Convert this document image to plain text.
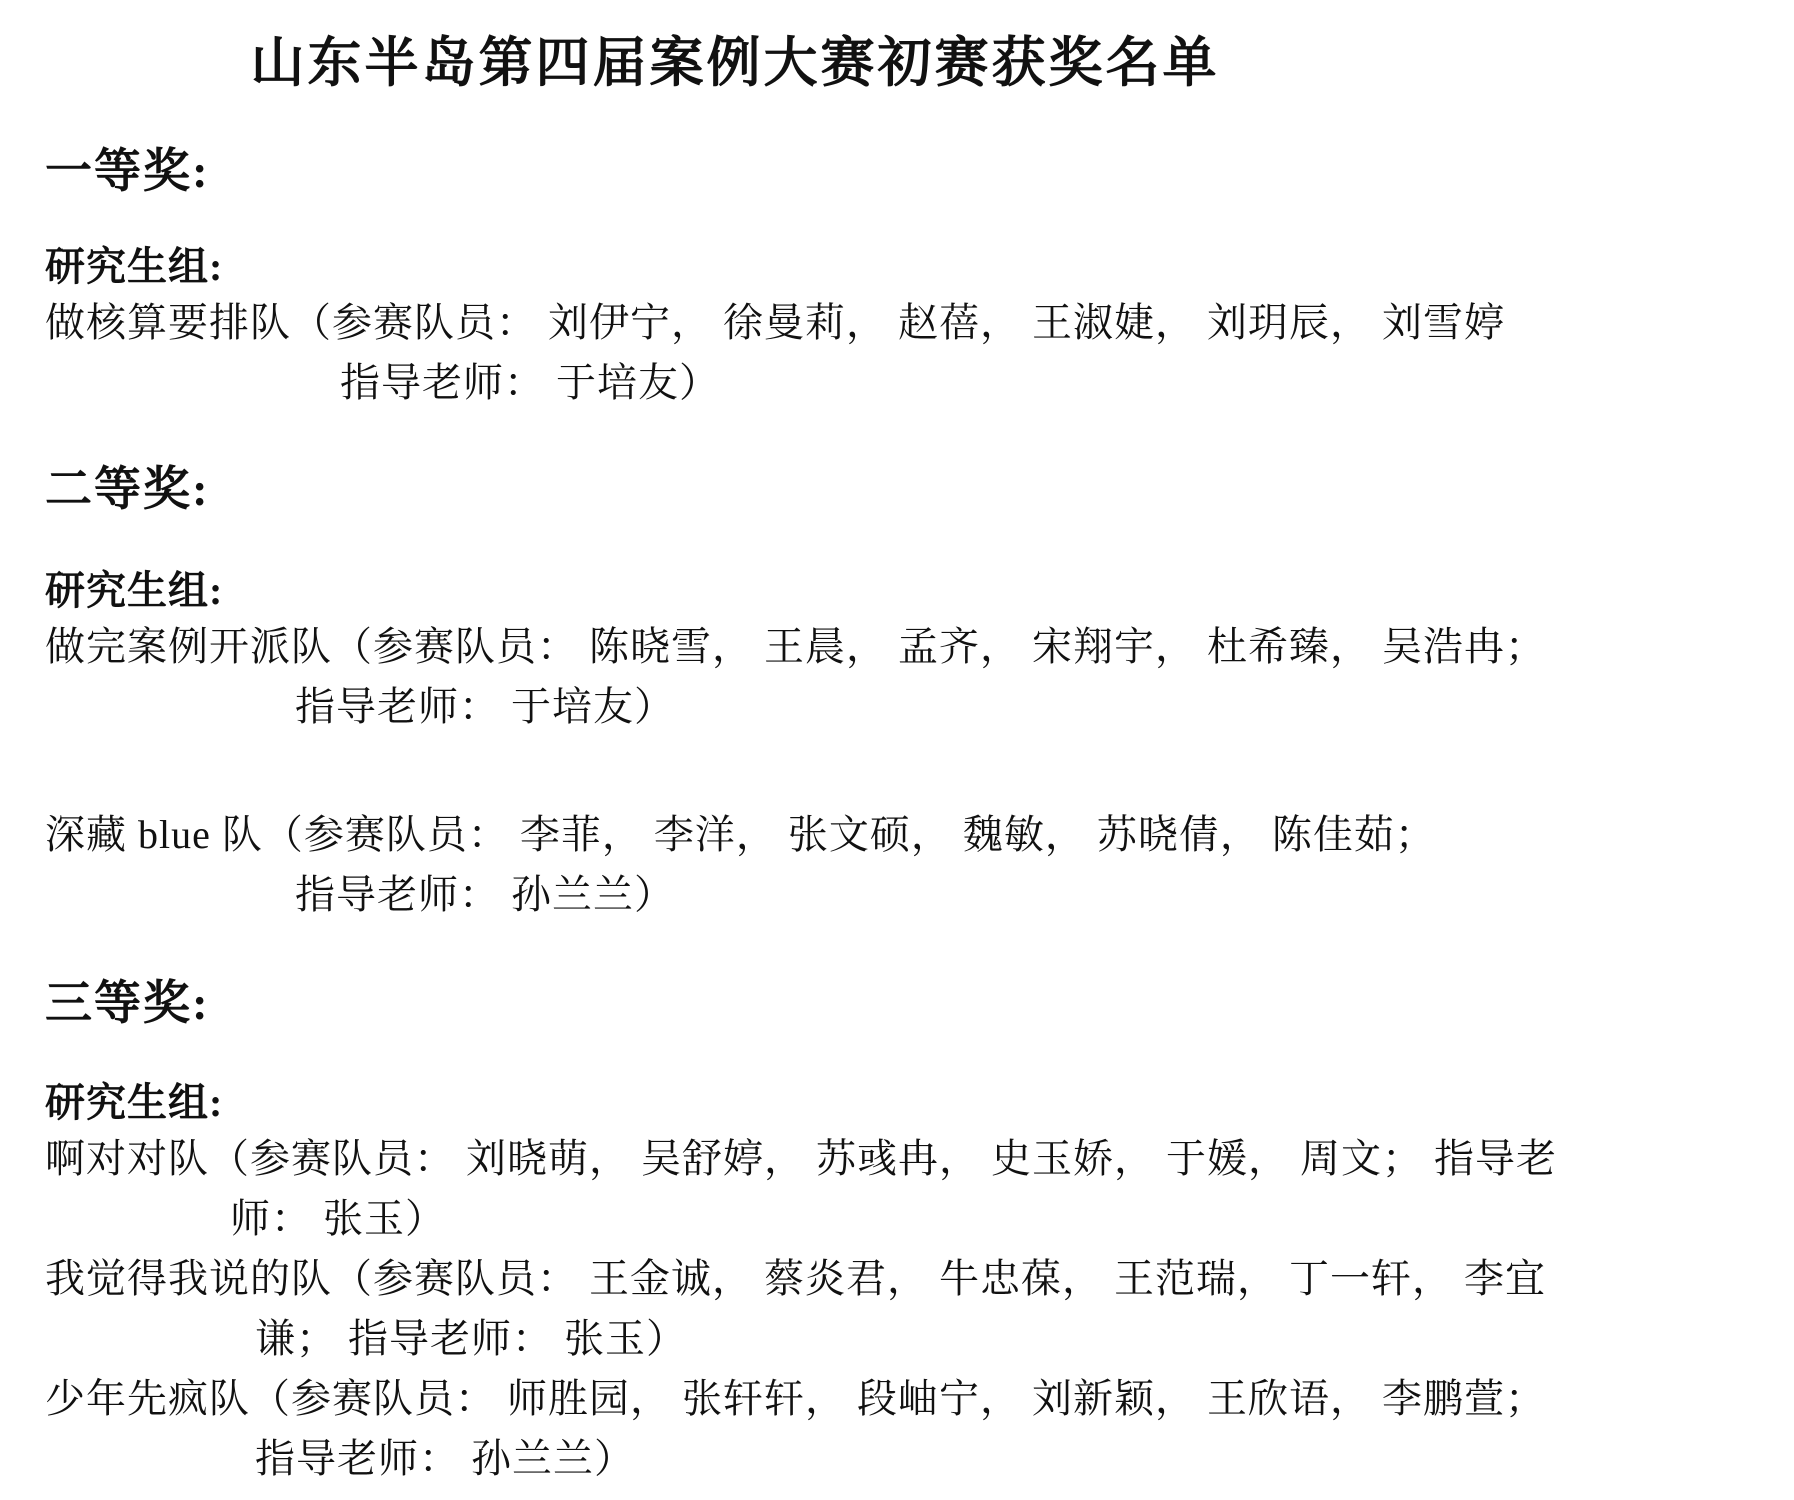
山东半岛第四届案例大赛初赛获奖名单
一等奖:
研究生组:

做核算要排队（参赛队员： 刘伊宁， 徐曼莉， 赵蓓， 王淑婕， 刘玥辰， 刘雪婷

指导老师： 于培友）

二等奖:
研究生组:

做完案例开派队（参赛队员： 陈晓雪， 王晨， 孟齐， 宋翔宇， 杜希臻， 吴浩冉；

指导老师： 于培友）

深藏 blue 队（参赛队员： 李菲， 李洋， 张文硕， 魏敏， 苏晓倩， 陈佳茹；

指导老师： 孙兰兰）

三等奖:
研究生组:

啊对对队（参赛队员： 刘晓萌， 吴舒婷， 苏彧冉， 史玉娇， 于媛， 周文； 指导老

师： 张玉）

我觉得我说的队（参赛队员： 王金诚， 蔡炎君， 牛忠葆， 王范瑞， 丁一轩， 李宜

谦； 指导老师： 张玉）

少年先疯队（参赛队员： 师胜园， 张轩轩， 段岫宁， 刘新颖， 王欣语， 李鹏萱；

指导老师： 孙兰兰）
